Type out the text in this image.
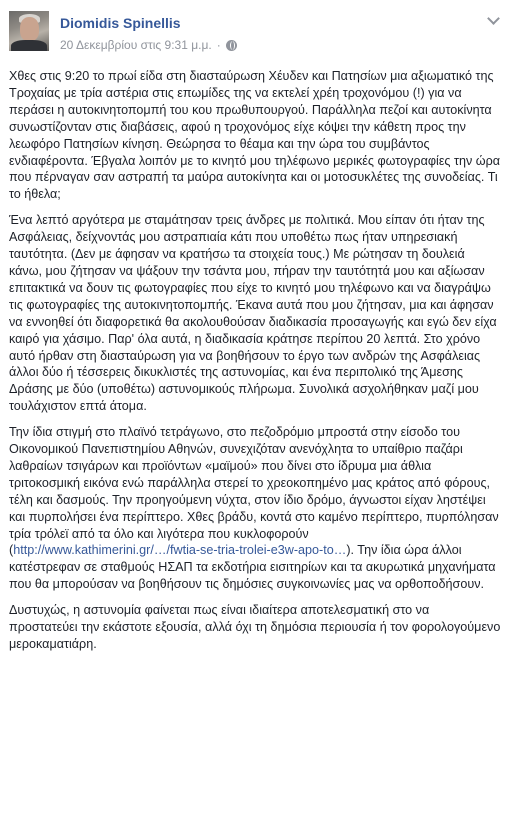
Diomidis Spinellis
20 Δεκεμβρίου στις 9:31 μ.μ. ·

Χθες στις 9:20 το πρωί είδα στη διασταύρωση Χέυδεν και Πατησίων μια αξιωματικό της Τροχαίας με τρία αστέρια στις επωμίδες της να εκτελεί χρέη τροχονόμου (!) για να περάσει η αυτοκινητοπομπή του κου πρωθυπουργού. Παράλληλα πεζοί και αυτοκίνητα συνωστίζονταν στις διαβάσεις, αφού η τροχονόμος είχε κόψει την κάθετη προς την λεωφόρο Πατησίων κίνηση. Θεώρησα το θέαμα και την ώρα του συμβάντος ενδιαφέροντα. Έβγαλα λοιπόν με το κινητό μου τηλέφωνο μερικές φωτογραφίες την ώρα που πέρναγαν σαν αστραπή τα μαύρα αυτοκίνητα και οι μοτοσυκλέτες της συνοδείας. Τι το ήθελα;

Ένα λεπτό αργότερα με σταμάτησαν τρεις άνδρες με πολιτικά. Μου είπαν ότι ήταν της Ασφάλειας, δείχνοντάς μου αστραπιαία κάτι που υποθέτω πως ήταν υπηρεσιακή ταυτότητα. (Δεν με άφησαν να κρατήσω τα στοιχεία τους.) Με ρώτησαν τη δουλειά κάνω, μου ζήτησαν να ψάξουν την τσάντα μου, πήραν την ταυτότητά μου και αξίωσαν επιτακτικά να δουν τις φωτογραφίες που είχε το κινητό μου τηλέφωνο και να διαγράψω τις φωτογραφίες της αυτοκινητοπομπής. Έκανα αυτά που μου ζήτησαν, μια και άφησαν να εννοηθεί ότι διαφορετικά θα ακολουθούσαν διαδικασία προσαγωγής και εγώ δεν είχα καιρό για χάσιμο. Παρ' όλα αυτά, η διαδικασία κράτησε περίπου 20 λεπτά. Στο χρόνο αυτό ήρθαν στη διασταύρωση για να βοηθήσουν το έργο των ανδρών της Ασφάλειας άλλοι δύο ή τέσσερεις δικυκλιστές της αστυνομίας, και ένα περιπολικό της Άμεσης Δράσης με δύο (υποθέτω) αστυνομικούς πλήρωμα. Συνολικά ασχολήθηκαν μαζί μου τουλάχιστον επτά άτομα.

Την ίδια στιγμή στο πλαϊνό τετράγωνο, στο πεζοδρόμιο μπροστά στην είσοδο του Οικονομικού Πανεπιστημίου Αθηνών, συνεχιζόταν ανενόχλητα το υπαίθριο παζάρι λαθραίων τσιγάρων και προϊόντων «μαϊμού» που δίνει στο ίδρυμα μια άθλια τριτοκοσμική εικόνα ενώ παράλληλα στερεί το χρεοκοπημένο μας κράτος από φόρους, τέλη και δασμούς. Την προηγούμενη νύχτα, στον ίδιο δρόμο, άγνωστοι είχαν ληστέψει και πυρπολήσει ένα περίπτερο. Χθες βράδυ, κοντά στο καμένο περίπτερο, πυρπόλησαν τρία τρόλεϊ από τα όλο και λιγότερα που κυκλοφορούν (http://www.kathimerini.gr/…/fwtia-se-tria-trolei-e3w-apo-to…). Την ίδια ώρα άλλοι κατέστρεφαν σε σταθμούς ΗΣΑΠ τα εκδοτήρια εισιτηρίων και τα ακυρωτικά μηχανήματα που θα μπορούσαν να βοηθήσουν τις δημόσιες συγκοινωνίες μας να ορθοποδήσουν.

Δυστυχώς, η αστυνομία φαίνεται πως είναι ιδιαίτερα αποτελεσματική στο να προστατεύει την εκάστοτε εξουσία, αλλά όχι τη δημόσια περιουσία ή τον φορολογούμενο μεροκαματιάρη.
